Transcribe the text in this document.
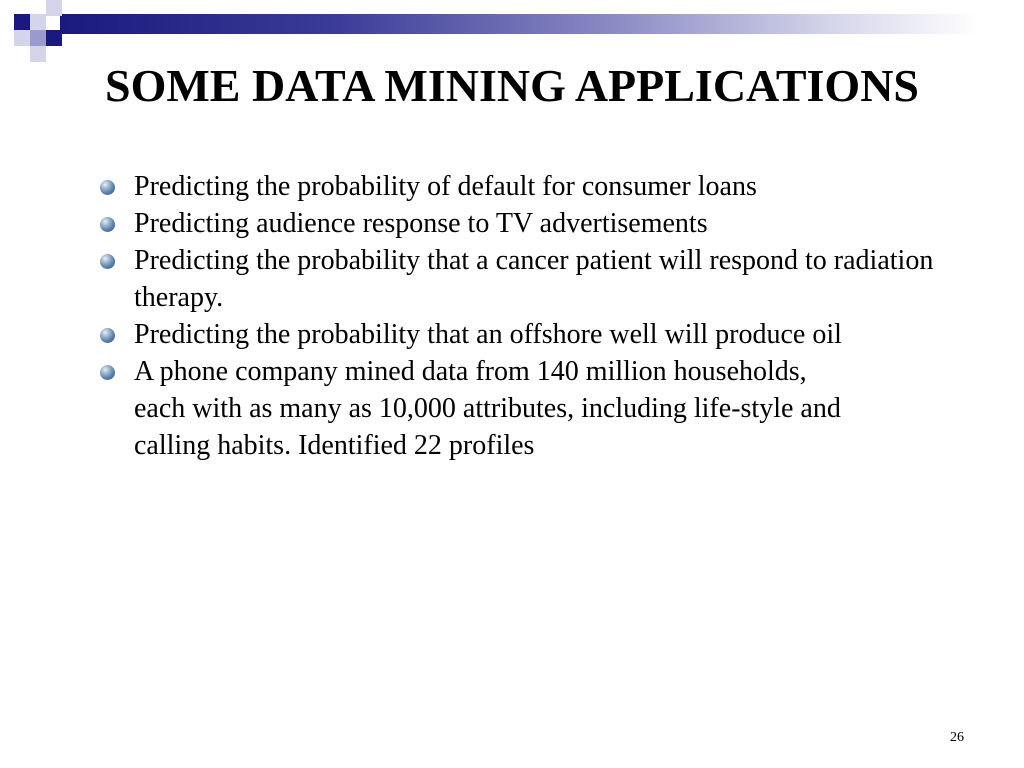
SOME DATA MINING APPLICATIONS
Predicting the probability of default for consumer loans
Predicting audience response to TV advertisements
Predicting the probability that a cancer patient will respond to radiation therapy.
Predicting the probability that an offshore well will produce oil
A phone company mined data from 140 million households, each with as many as 10,000 attributes, including life-style and calling habits. Identified 22 profiles
26
